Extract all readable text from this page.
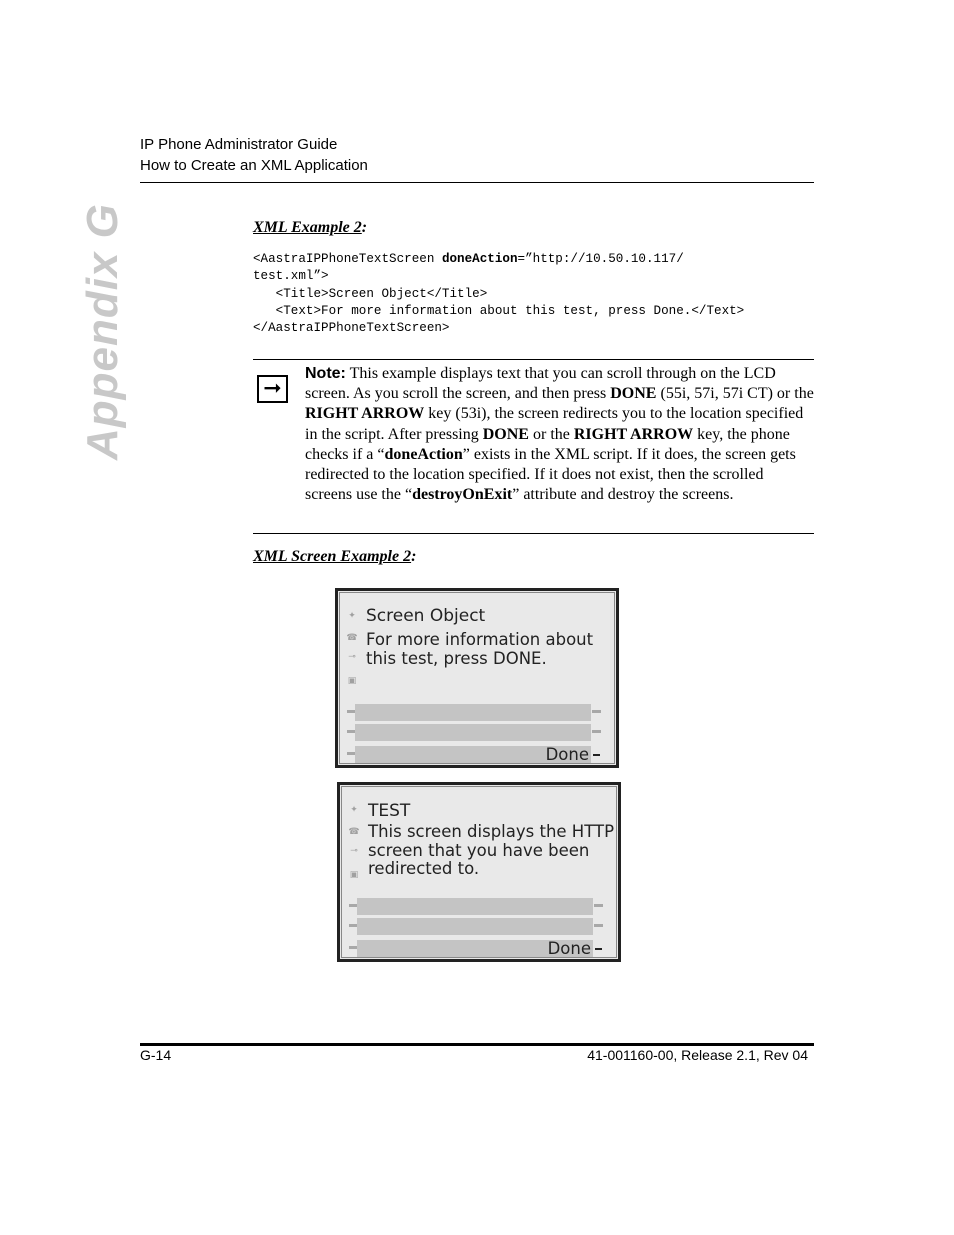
IP Phone Administrator Guide
How to Create an XML Application
Appendix G	XML Example 2:
<AastraIPPhoneTextScreen doneAction=”http://10.50.10.117/
test.xml”>
<Title>Screen Object</Title>
<Text>For more information about this test, press Done.</Text>
</AastraIPPhoneTextScreen>
➞
Note: This example displays text that you can scroll through on the LCD screen. As you scroll the screen, and then press DONE (55i, 57i, 57i CT) or the RIGHT ARROW key (53i), the screen redirects you to the location specified in the script. After pressing DONE or the RIGHT ARROW key, the phone checks if a “doneAction” exists in the XML script. If it does, the screen gets redirected to the location specified. If it does not exist, then the scrolled screens use the “destroyOnExit” attribute and destroy the screens.
XML Screen Example 2:
✦
☎
⊸
▣
Screen Object
For more information about
this test, press DONE.
Done
✦
☎
⊸
▣
TEST
This screen displays the HTTP
screen that you have been
redirected to.
Done
G-14	41-001160-00, Release 2.1, Rev 04
